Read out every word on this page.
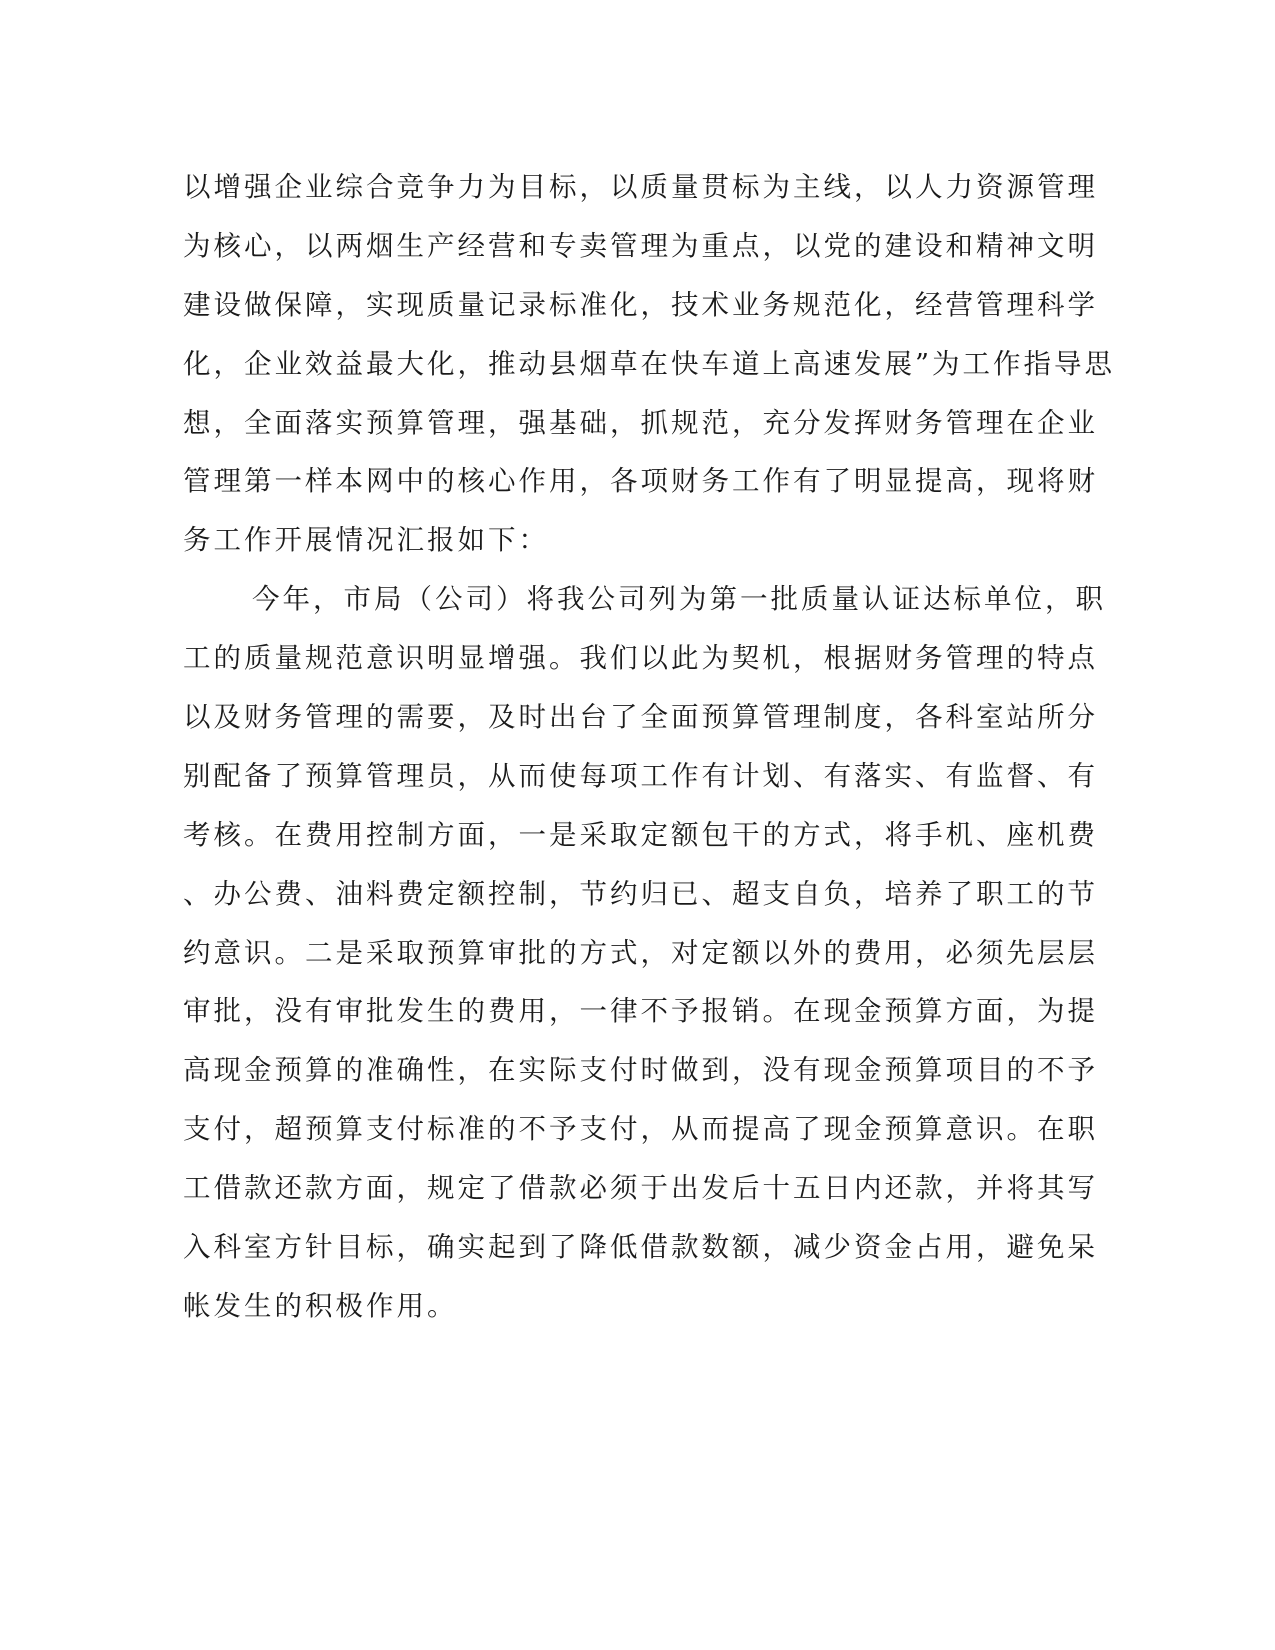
以增强企业综合竞争力为目标，以质量贯标为主线，以人力资源管理
为核心，以两烟生产经营和专卖管理为重点，以党的建设和精神文明
建设做保障，实现质量记录标准化，技术业务规范化，经营管理科学
化，企业效益最大化，推动县烟草在快车道上高速发展”为工作指导思
想，全面落实预算管理，强基础，抓规范，充分发挥财务管理在企业
管理第一样本网中的核心作用，各项财务工作有了明显提高，现将财
务工作开展情况汇报如下：
今年，市局（公司）将我公司列为第一批质量认证达标单位，职
工的质量规范意识明显增强。我们以此为契机，根据财务管理的特点
以及财务管理的需要，及时出台了全面预算管理制度，各科室站所分
别配备了预算管理员，从而使每项工作有计划、有落实、有监督、有
考核。在费用控制方面，一是采取定额包干的方式，将手机、座机费
、办公费、油料费定额控制，节约归已、超支自负，培养了职工的节
约意识。二是采取预算审批的方式，对定额以外的费用，必须先层层
审批，没有审批发生的费用，一律不予报销。在现金预算方面，为提
高现金预算的准确性，在实际支付时做到，没有现金预算项目的不予
支付，超预算支付标准的不予支付，从而提高了现金预算意识。在职
工借款还款方面，规定了借款必须于出发后十五日内还款，并将其写
入科室方针目标，确实起到了降低借款数额，减少资金占用，避免呆
帐发生的积极作用。
